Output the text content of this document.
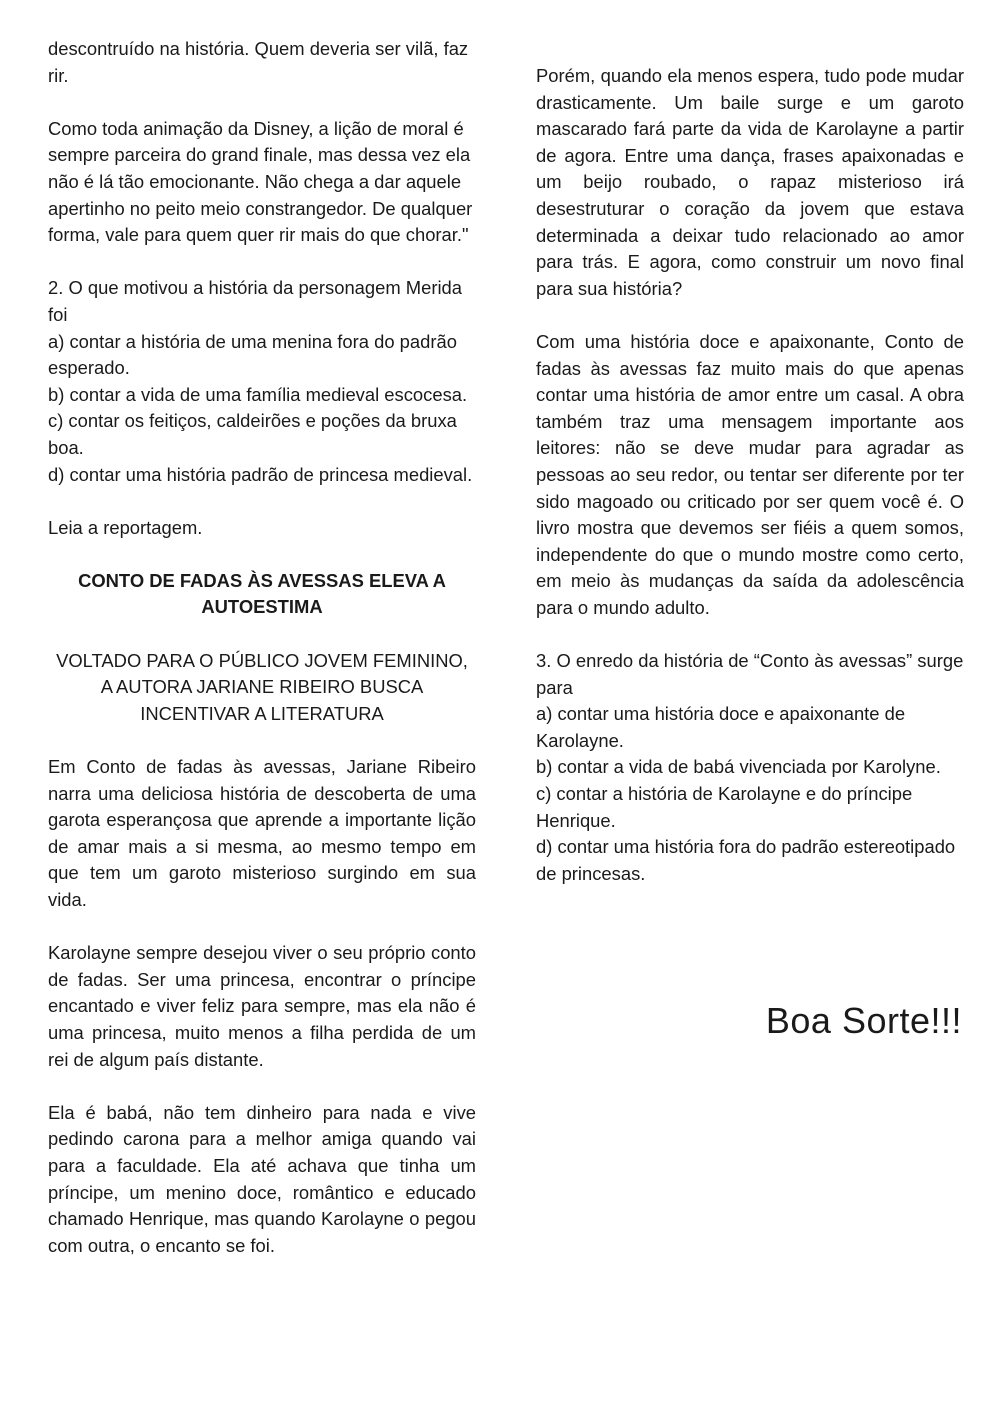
descontruído na história. Quem deveria ser vilã, faz rir.

Como toda animação da Disney, a lição de moral é sempre parceira do grand finale, mas dessa vez ela não é lá tão emocionante. Não chega a dar aquele apertinho no peito meio constrangedor. De qualquer forma, vale para quem quer rir mais do que chorar."

2. O que motivou a história da personagem Merida foi

a) contar a história de uma menina fora do padrão esperado.

b) contar a vida de uma família medieval escocesa.

c) contar os feitiços, caldeirões e poções da bruxa boa.

d) contar uma história padrão de princesa medieval.

Leia a reportagem.

CONTO DE FADAS ÀS AVESSAS ELEVA A AUTOESTIMA

VOLTADO PARA O PÚBLICO JOVEM FEMININO, A AUTORA JARIANE RIBEIRO BUSCA INCENTIVAR A LITERATURA

Em Conto de fadas às avessas, Jariane Ribeiro narra uma deliciosa história de descoberta de uma garota esperançosa que aprende a importante lição de amar mais a si mesma, ao mesmo tempo em que tem um garoto misterioso surgindo em sua vida.

Karolayne sempre desejou viver o seu próprio conto de fadas. Ser uma princesa, encontrar o príncipe encantado e viver feliz para sempre, mas ela não é uma princesa, muito menos a filha perdida de um rei de algum país distante.

Ela é babá, não tem dinheiro para nada e vive pedindo carona para a melhor amiga quando vai para a faculdade. Ela até achava que tinha um príncipe, um menino doce, romântico e educado chamado Henrique, mas quando Karolayne o pegou com outra, o encanto se foi.

Porém, quando ela menos espera, tudo pode mudar drasticamente. Um baile surge e um garoto mascarado fará parte da vida de Karolayne a partir de agora. Entre uma dança, frases apaixonadas e um beijo roubado, o rapaz misterioso irá desestruturar o coração da jovem que estava determinada a deixar tudo relacionado ao amor para trás. E agora, como construir um novo final para sua história?

Com uma história doce e apaixonante, Conto de fadas às avessas faz muito mais do que apenas contar uma história de amor entre um casal. A obra também traz uma mensagem importante aos leitores: não se deve mudar para agradar as pessoas ao seu redor, ou tentar ser diferente por ter sido magoado ou criticado por ser quem você é. O livro mostra que devemos ser fiéis a quem somos, independente do que o mundo mostre como certo, em meio às mudanças da saída da adolescência para o mundo adulto.

3. O enredo da história de “Conto às avessas” surge para

a) contar uma história doce e apaixonante de Karolayne.

b) contar a vida de babá vivenciada por Karolyne.

c) contar a história de Karolayne e do príncipe Henrique.

d) contar uma história fora do padrão estereotipado de princesas.

Boa Sorte!!!
